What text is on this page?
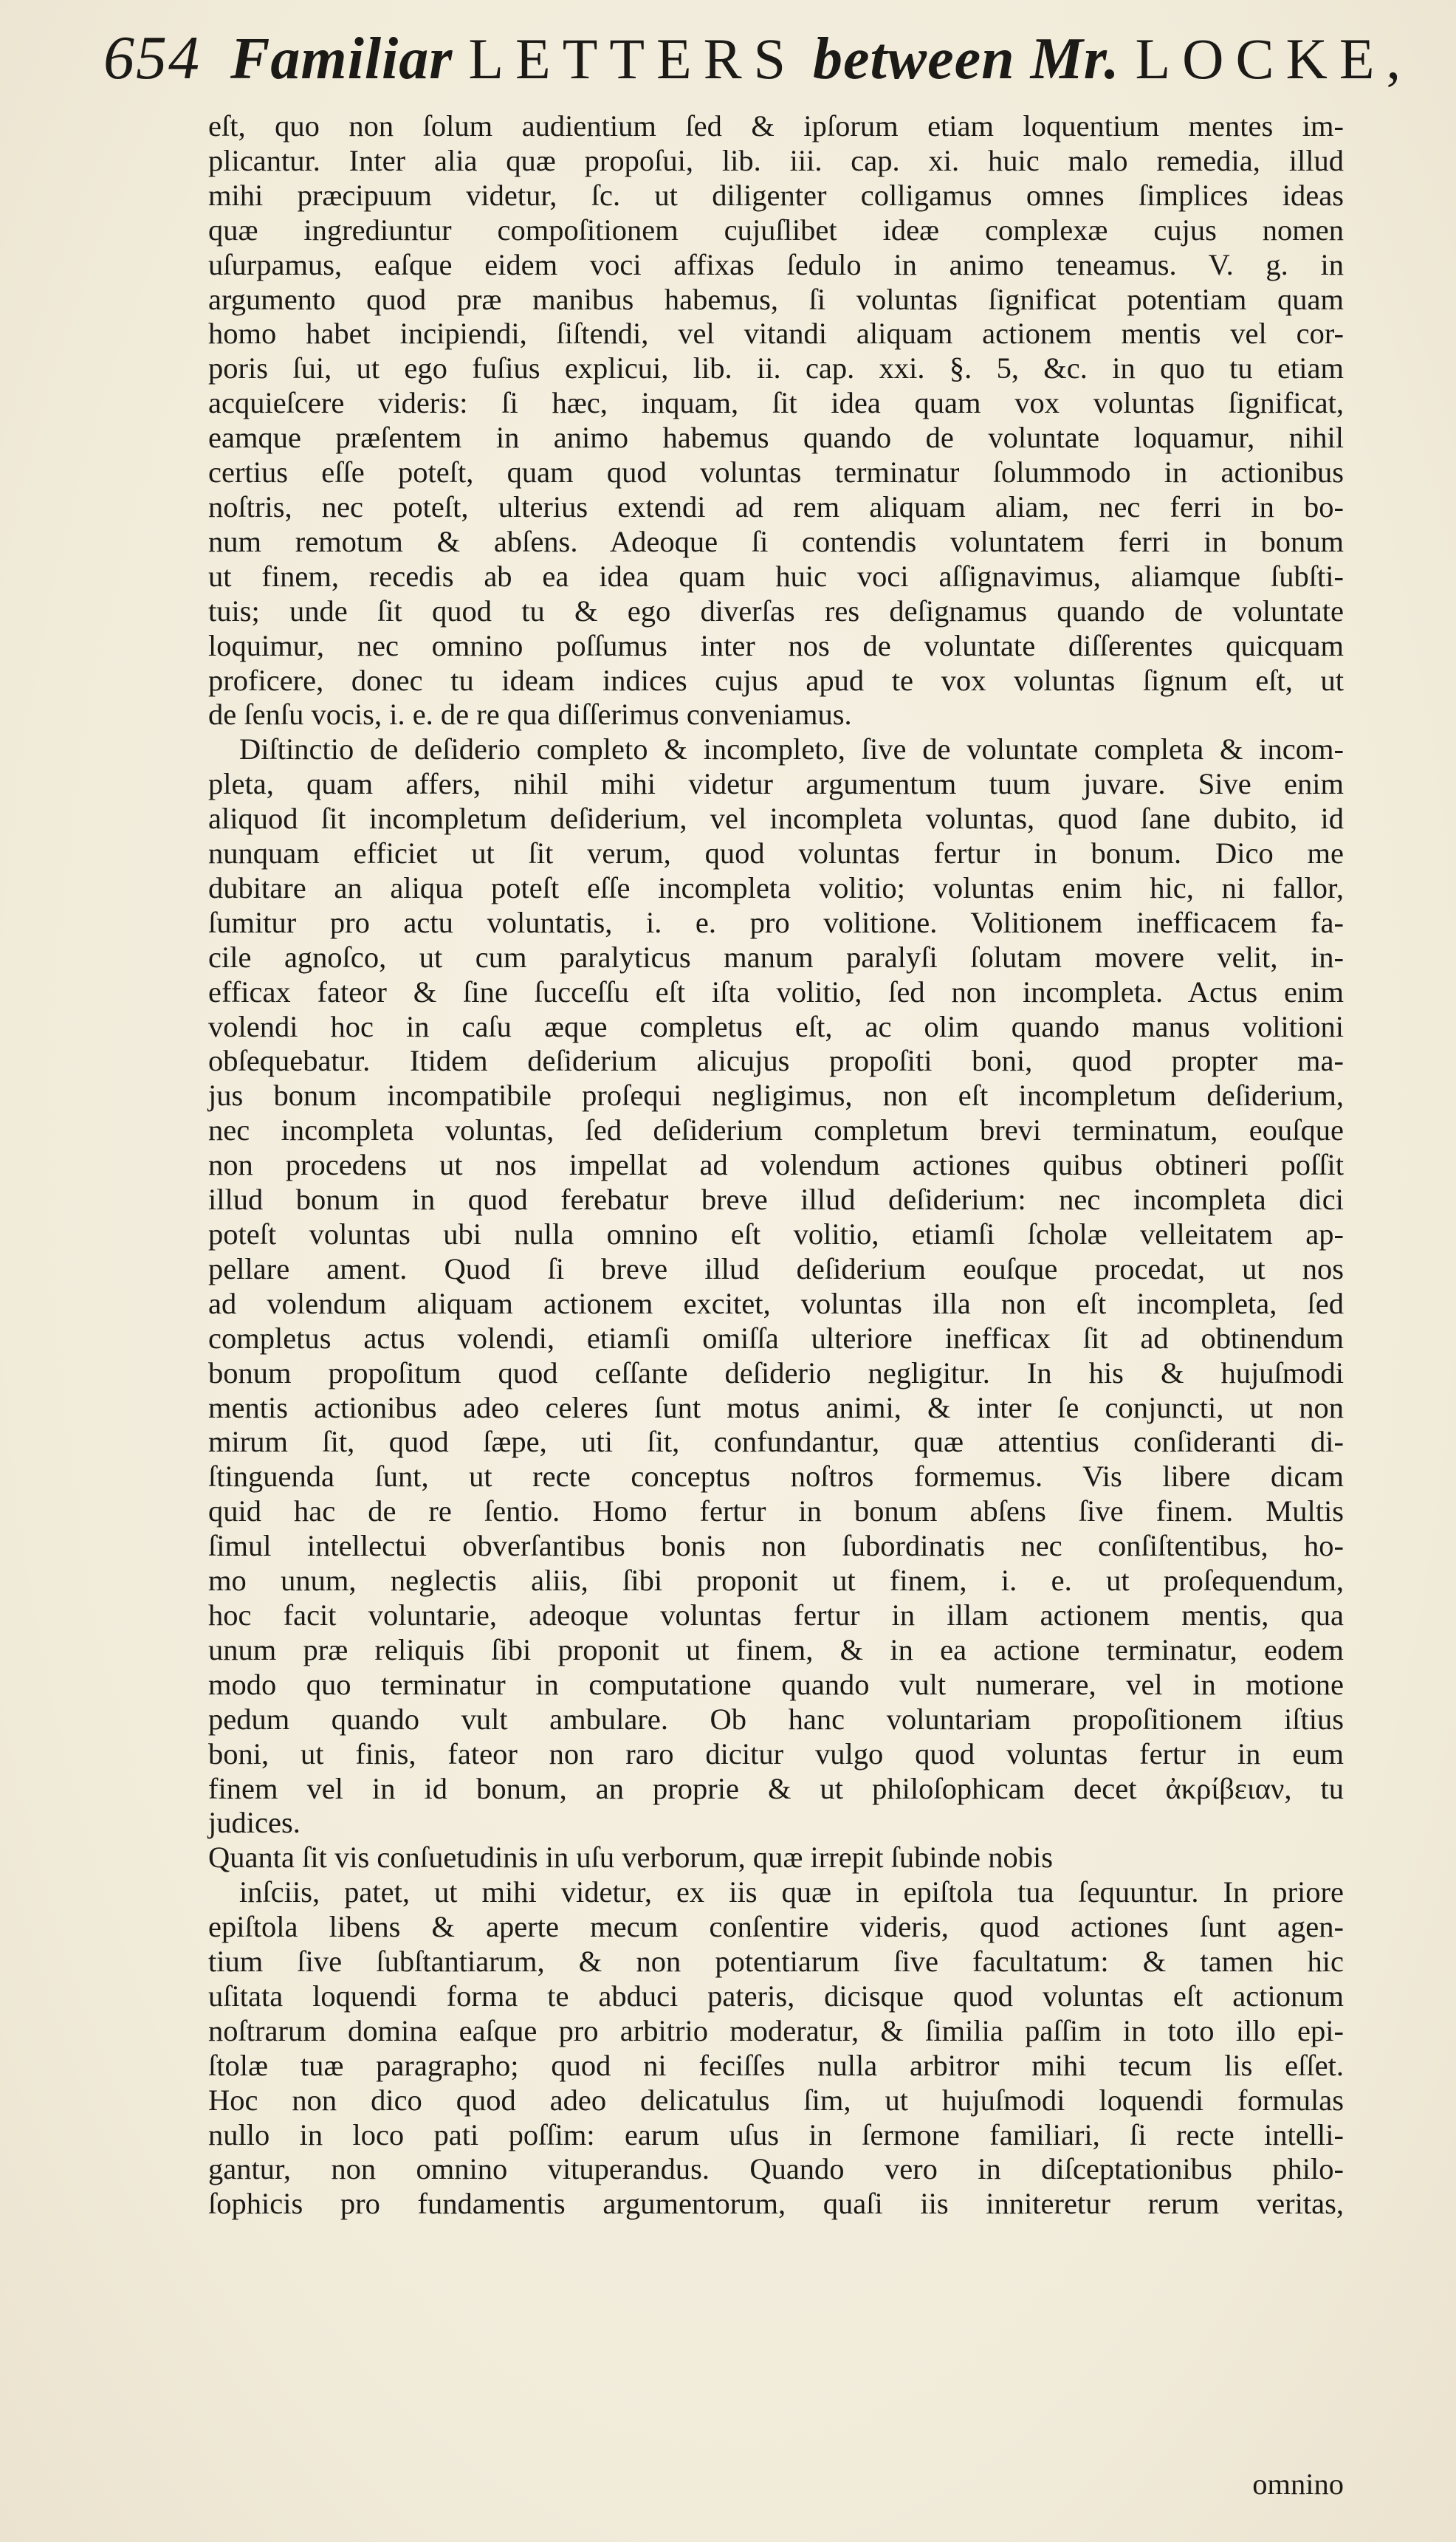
654 Familiar LETTERS between Mr. LOCKE,
eſt, quo non ſolum audientium ſed & ipſorum etiam loquentium mentes im-
plicantur. Inter alia quæ propoſui, lib. iii. cap. xi. huic malo remedia, illud
mihi præcipuum videtur, ſc. ut diligenter colligamus omnes ſimplices ideas
quæ ingrediuntur compoſitionem cujuſlibet ideæ complexæ cujus nomen
uſurpamus, eaſque eidem voci affixas ſedulo in animo teneamus. V. g. in
argumento quod præ manibus habemus, ſi voluntas ſignificat potentiam quam
homo habet incipiendi, ſiſtendi, vel vitandi aliquam actionem mentis vel cor-
poris ſui, ut ego fuſius explicui, lib. ii. cap. xxi. §. 5, &c. in quo tu etiam
acquieſcere videris: ſi hæc, inquam, ſit idea quam vox voluntas ſignificat,
eamque præſentem in animo habemus quando de voluntate loquamur, nihil
certius eſſe poteſt, quam quod voluntas terminatur ſolummodo in actionibus
noſtris, nec poteſt, ulterius extendi ad rem aliquam aliam, nec ferri in bo-
num remotum & abſens. Adeoque ſi contendis voluntatem ferri in bonum
ut finem, recedis ab ea idea quam huic voci aſſignavimus, aliamque ſubſti-
tuis; unde ſit quod tu & ego diverſas res deſignamus quando de voluntate
loquimur, nec omnino poſſumus inter nos de voluntate diſſerentes quicquam
proficere, donec tu ideam indices cujus apud te vox voluntas ſignum eſt, ut
de ſenſu vocis, i. e. de re qua diſſerimus conveniamus.
Diſtinctio de deſiderio completo & incompleto, ſive de voluntate completa & incom-
pleta, quam affers, nihil mihi videtur argumentum tuum juvare. Sive enim
aliquod ſit incompletum deſiderium, vel incompleta voluntas, quod ſane dubito, id
nunquam efficiet ut ſit verum, quod voluntas fertur in bonum. Dico me
dubitare an aliqua poteſt eſſe incompleta volitio; voluntas enim hic, ni fallor,
ſumitur pro actu voluntatis, i. e. pro volitione. Volitionem inefficacem fa-
cile agnoſco, ut cum paralyticus manum paralyſi ſolutam movere velit, in-
efficax fateor & ſine ſucceſſu eſt iſta volitio, ſed non incompleta. Actus enim
volendi hoc in caſu æque completus eſt, ac olim quando manus volitioni
obſequebatur. Itidem deſiderium alicujus propoſiti boni, quod propter ma-
jus bonum incompatibile proſequi negligimus, non eſt incompletum deſiderium,
nec incompleta voluntas, ſed deſiderium completum brevi terminatum, eouſque
non procedens ut nos impellat ad volendum actiones quibus obtineri poſſit
illud bonum in quod ferebatur breve illud deſiderium: nec incompleta dici
poteſt voluntas ubi nulla omnino eſt volitio, etiamſi ſcholæ velleitatem ap-
pellare ament. Quod ſi breve illud deſiderium eouſque procedat, ut nos
ad volendum aliquam actionem excitet, voluntas illa non eſt incompleta, ſed
completus actus volendi, etiamſi omiſſa ulteriore inefficax ſit ad obtinendum
bonum propoſitum quod ceſſante deſiderio negligitur. In his & hujuſmodi
mentis actionibus adeo celeres ſunt motus animi, & inter ſe conjuncti, ut non
mirum ſit, quod ſæpe, uti ſit, confundantur, quæ attentius conſideranti di-
ſtinguenda ſunt, ut recte conceptus noſtros formemus. Vis libere dicam
quid hac de re ſentio. Homo fertur in bonum abſens ſive finem. Multis
ſimul intellectui obverſantibus bonis non ſubordinatis nec conſiſtentibus, ho-
mo unum, neglectis aliis, ſibi proponit ut finem, i. e. ut proſequendum,
hoc facit voluntarie, adeoque voluntas fertur in illam actionem mentis, qua
unum præ reliquis ſibi proponit ut finem, & in ea actione terminatur, eodem
modo quo terminatur in computatione quando vult numerare, vel in motione
pedum quando vult ambulare. Ob hanc voluntariam propoſitionem iſtius
boni, ut finis, fateor non raro dicitur vulgo quod voluntas fertur in eum
finem vel in id bonum, an proprie & ut philoſophicam decet ἀκρίβειαν, tu
judices.
Quanta ſit vis conſuetudinis in uſu verborum, quæ irrepit ſubinde nobis
inſciis, patet, ut mihi videtur, ex iis quæ in epiſtola tua ſequuntur. In priore
epiſtola libens & aperte mecum conſentire videris, quod actiones ſunt agen-
tium ſive ſubſtantiarum, & non potentiarum ſive facultatum: & tamen hic
uſitata loquendi forma te abduci pateris, dicisque quod voluntas eſt actionum
noſtrarum domina eaſque pro arbitrio moderatur, & ſimilia paſſim in toto illo epi-
ſtolæ tuæ paragrapho; quod ni feciſſes nulla arbitror mihi tecum lis eſſet.
Hoc non dico quod adeo delicatulus ſim, ut hujuſmodi loquendi formulas
nullo in loco pati poſſim: earum uſus in ſermone familiari, ſi recte intelli-
gantur, non omnino vituperandus. Quando vero in diſceptationibus philo-
ſophicis pro fundamentis argumentorum, quaſi iis inniteretur rerum veritas,
omnino
